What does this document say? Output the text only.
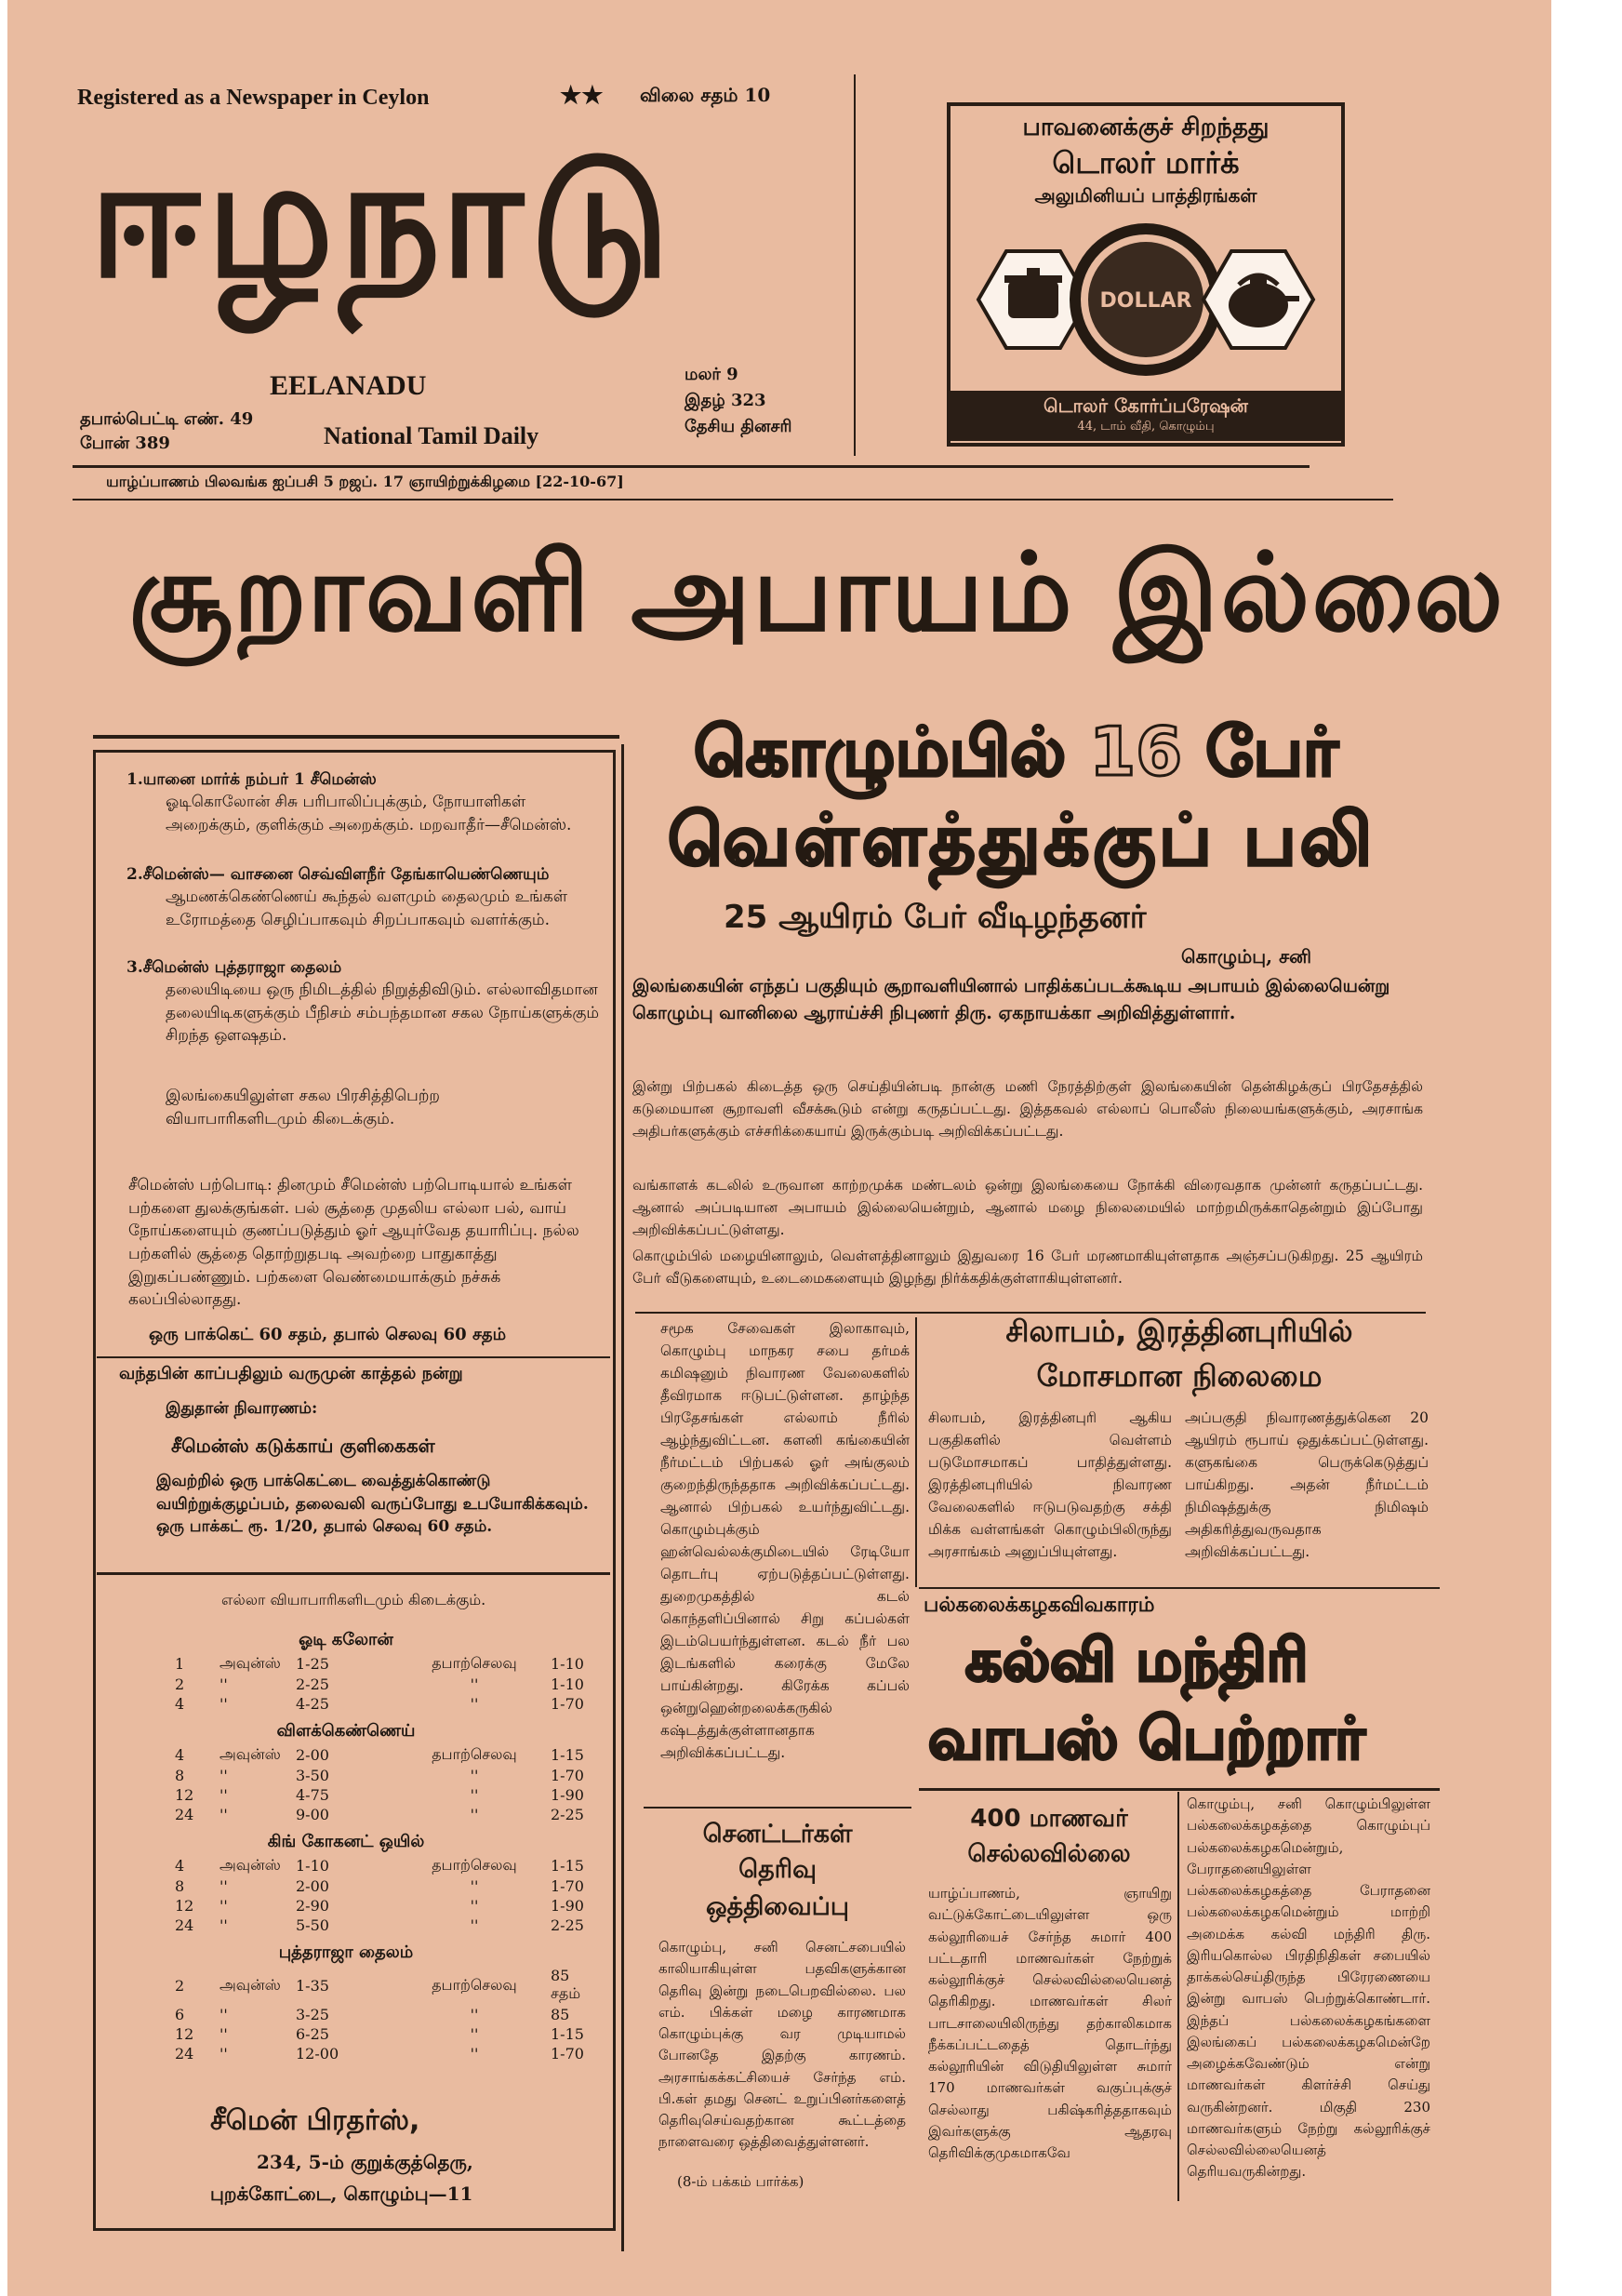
Registered as a Newspaper in Ceylon	★★ விலை சதம் 10
ஈழநாடு
EELANADU
தபால்பெட்டி எண். 49
போன் 389	National Tamil Daily
மலர் 9
இதழ் 323
தேசிய தினசரி
யாழ்ப்பாணம் பிலவங்க ஐப்பசி 5 றஜப். 17 ஞாயிற்றுக்கிழமை [22-10-67]
பாவனைக்குச் சிறந்தது
டொலர் மார்க்
அலுமினியப் பாத்திரங்கள்
DOLLAR
டொலர் கோர்ப்பரேஷன்
44, டாம் வீதி, கொழும்பு
சூறாவளி அபாயம் இல்லை
கொழும்பில் 16 பேர்
வெள்ளத்துக்குப் பலி
25 ஆயிரம் பேர் வீடிழந்தனர்
கொழும்பு, சனி
இலங்கையின் எந்தப் பகுதியும் சூறாவளியினால் பாதிக்கப்படக்கூடிய அபாயம் இல்லையென்று கொழும்பு வானிலை ஆராய்ச்சி நிபுணர் திரு. ஏகநாயக்கா அறிவித்துள்ளார்.
இன்று பிற்பகல் கிடைத்த ஒரு செய்தியின்படி நான்கு மணி நேரத்திற்குள் இலங்கையின் தென்கிழக்குப் பிரதேசத்தில் கடுமையான சூறாவளி வீசக்கூடும் என்று கருதப்பட்டது. இத்தகவல் எல்லாப் பொலீஸ் நிலையங்களுக்கும், அரசாங்க அதிபர்களுக்கும் எச்சரிக்கையாய் இருக்கும்படி அறிவிக்கப்பட்டது.
வங்காளக் கடலில் உருவான காற்றமுக்க மண்டலம் ஒன்று இலங்கையை நோக்கி விரைவதாக முன்னர் கருதப்பட்டது. ஆனால் அப்படியான அபாயம் இல்லையென்றும், ஆனால் மழை நிலைமையில் மாற்றமிருக்காதென்றும் இப்போது அறிவிக்கப்பட்டுள்ளது.
கொழும்பில் மழையினாலும், வெள்ளத்தினாலும் இதுவரை 16 பேர் மரணமாகியுள்ளதாக அஞ்சப்படுகிறது. 25 ஆயிரம் பேர் வீடுகளையும், உடைமைகளையும் இழந்து நிர்க்கதிக்குள்ளாகியுள்ளனர்.
சமூக சேவைகள் இலாகாவும், கொழும்பு மாநகர சபை தர்மக் கமிஷனும் நிவாரண வேலைகளில் தீவிரமாக ஈடுபட்டுள்ளன. தாழ்ந்த பிரதேசங்கள் எல்லாம் நீரில் ஆழ்ந்துவிட்டன. களனி கங்கையின் நீர்மட்டம் பிற்பகல் ஓர் அங்குலம் குறைந்திருந்ததாக அறிவிக்கப்பட்டது. ஆனால் பிற்பகல் உயர்ந்துவிட்டது. கொழும்புக்கும் ஹன்வெல்லக்குமிடையில் ரேடியோ தொடர்பு ஏற்படுத்தப்பட்டுள்ளது. துறைமுகத்தில் கடல் கொந்தளிப்பினால் சிறு கப்பல்கள் இடம்பெயர்ந்துள்ளன. கடல் நீர் பல இடங்களில் கரைக்கு மேலே பாய்கின்றது. கிரேக்க கப்பல் ஒன்றுஹென்றலைக்கருகில் கஷ்டத்துக்குள்ளானதாக அறிவிக்கப்பட்டது.
சிலாபம், இரத்தினபுரியில்
மோசமான நிலைமை
சிலாபம், இரத்தினபுரி ஆகிய பகுதிகளில் வெள்ளம் படுமோசமாகப் பாதித்துள்ளது. இரத்தினபுரியில் நிவாரண வேலைகளில் ஈடுபடுவதற்கு சக்தி மிக்க வள்ளங்கள் கொழும்பிலிருந்து அரசாங்கம் அனுப்பியுள்ளது.
அப்பகுதி நிவாரணத்துக்கென 20 ஆயிரம் ரூபாய் ஒதுக்கப்பட்டுள்ளது. களுகங்கை பெருக்கெடுத்துப் பாய்கிறது. அதன் நீர்மட்டம் நிமிஷத்துக்கு நிமிஷம் அதிகரித்துவருவதாக அறிவிக்கப்பட்டது.
பல்கலைக்கழகவிவகாரம்
கல்வி மந்திரி
வாபஸ் பெற்றார்
400 மாணவர்
செல்லவில்லை
யாழ்ப்பாணம், ஞாயிறு வட்டுக்கோட்டையிலுள்ள ஒரு கல்லூரியைச் சேர்ந்த சுமார் 400 பட்டதாரி மாணவர்கள் நேற்றுக் கல்லூரிக்குச் செல்லவில்லையெனத் தெரிகிறது. மாணவர்கள் சிலர் பாடசாலையிலிருந்து தற்காலிகமாக நீக்கப்பட்டதைத் தொடர்ந்து கல்லூரியின் விடுதியிலுள்ள சுமார் 170 மாணவர்கள் வகுப்புக்குச் செல்லாது பகிஷ்கரித்ததாகவும் இவர்களுக்கு ஆதரவு தெரிவிக்குமுகமாகவே
கொழும்பு, சனி கொழும்பிலுள்ள பல்கலைக்கழகத்தை கொழும்புப் பல்கலைக்கழகமென்றும், பேராதனையிலுள்ள பல்கலைக்கழகத்தை பேராதனை பல்கலைக்கழகமென்றும் மாற்றி அமைக்க கல்வி மந்திரி திரு. இரியகொல்ல பிரதிநிதிகள் சபையில் தாக்கல்செய்திருந்த பிரேரணையை இன்று வாபஸ் பெற்றுக்கொண்டார். இந்தப் பல்கலைக்கழகங்களை இலங்கைப் பல்கலைக்கழகமென்றே அழைக்கவேண்டும் என்று மாணவர்கள் கிளர்ச்சி செய்து வருகின்றனர். மிகுதி 230 மாணவர்களும் நேற்று கல்லூரிக்குச் செல்லவில்லையெனத் தெரியவருகின்றது.
செனட்டர்கள்
தெரிவு
ஒத்திவைப்பு
கொழும்பு, சனி செனட்சபையில் காலியாகியுள்ள பதவிகளுக்கான தெரிவு இன்று நடைபெறவில்லை. பல எம். பிக்கள் மழை காரணமாக கொழும்புக்கு வர முடியாமல் போனதே இதற்கு காரணம். அரசாங்கக்கட்சியைச் சேர்ந்த எம். பி.கள் தமது செனட் உறுப்பினர்களைத் தெரிவுசெய்வதற்கான கூட்டத்தை நாளைவரை ஒத்திவைத்துள்ளனர்.
(8-ம் பக்கம் பார்க்க)
1.யானை மார்க் நம்பர் 1 சீமென்ஸ்
ஓடிகொலோன் சிசு பரிபாலிப்புக்கும், நோயாளிகள் அறைக்கும், குளிக்கும் அறைக்கும். மறவாதீர்—சீமென்ஸ்.
2.சீமென்ஸ்— வாசனை செவ்விளநீர் தேங்காயெண்ணெயும்
ஆமணக்கெண்ணெய் கூந்தல் வளமும் தைலமும் உங்கள் உரோமத்தை செழிப்பாகவும் சிறப்பாகவும் வளர்க்கும்.
3.சீமென்ஸ் புத்தராஜா தைலம்
தலையிடியை ஒரு நிமிடத்தில் நிறுத்திவிடும். எல்லாவிதமான தலையிடிகளுக்கும் பீநிசம் சம்பந்தமான சகல நோய்களுக்கும் சிறந்த ஔஷதம்.
இலங்கையிலுள்ள சகல பிரசித்திபெற்ற வியாபாரிகளிடமும் கிடைக்கும்.
சீமென்ஸ் பற்பொடி: தினமும் சீமென்ஸ் பற்பொடியால் உங்கள் பற்களை துலக்குங்கள். பல் சூத்தை முதலிய எல்லா பல், வாய் நோய்களையும் குணப்படுத்தும் ஓர் ஆயுர்வேத தயாரிப்பு. நல்ல பற்களில் சூத்தை தொற்றுதபடி அவற்றை பாதுகாத்து இறுகப்பண்ணும். பற்களை வெண்மையாக்கும் நச்சுக் கலப்பில்லாதது.
ஒரு பாக்கெட் 60 சதம், தபால் செலவு 60 சதம்
வந்தபின் காப்பதிலும் வருமுன் காத்தல் நன்று
இதுதான் நிவாரணம்:
சீமென்ஸ் கடுக்காய் குளிகைகள்
இவற்றில் ஒரு பாக்கெட்டை வைத்துக்கொண்டு வயிற்றுக்குழப்பம், தலைவலி வருப்போது உபயோகிக்கவும். ஒரு பாக்கட் ரூ. 1/20, தபால் செலவு 60 சதம்.
எல்லா வியாபாரிகளிடமும் கிடைக்கும்.
ஓடி கலோன்
1	அவுன்ஸ்	1-25	தபாற்செலவு	1-10
2	''	2-25	''	1-10
4	''	4-25	''	1-70
விளக்கெண்ணெய்
4	அவுன்ஸ்	2-00	தபாற்செலவு	1-15
8	''	3-50	''	1-70
12	''	4-75	''	1-90
24	''	9-00	''	2-25
கிங் கோகனட் ஒயில்
4	அவுன்ஸ்	1-10	தபாற்செலவு	1-15
8	''	2-00	''	1-70
12	''	2-90	''	1-90
24	''	5-50	''	2-25
புத்தராஜா தைலம்
2	அவுன்ஸ்	1-35	தபாற்செலவு	85 சதம்
6	''	3-25	''	85
12	''	6-25	''	1-15
24	''	12-00	''	1-70
சீமென் பிரதர்ஸ்,
234, 5-ம் குறுக்குத்தெரு,
புறக்கோட்டை, கொழும்பு—11
